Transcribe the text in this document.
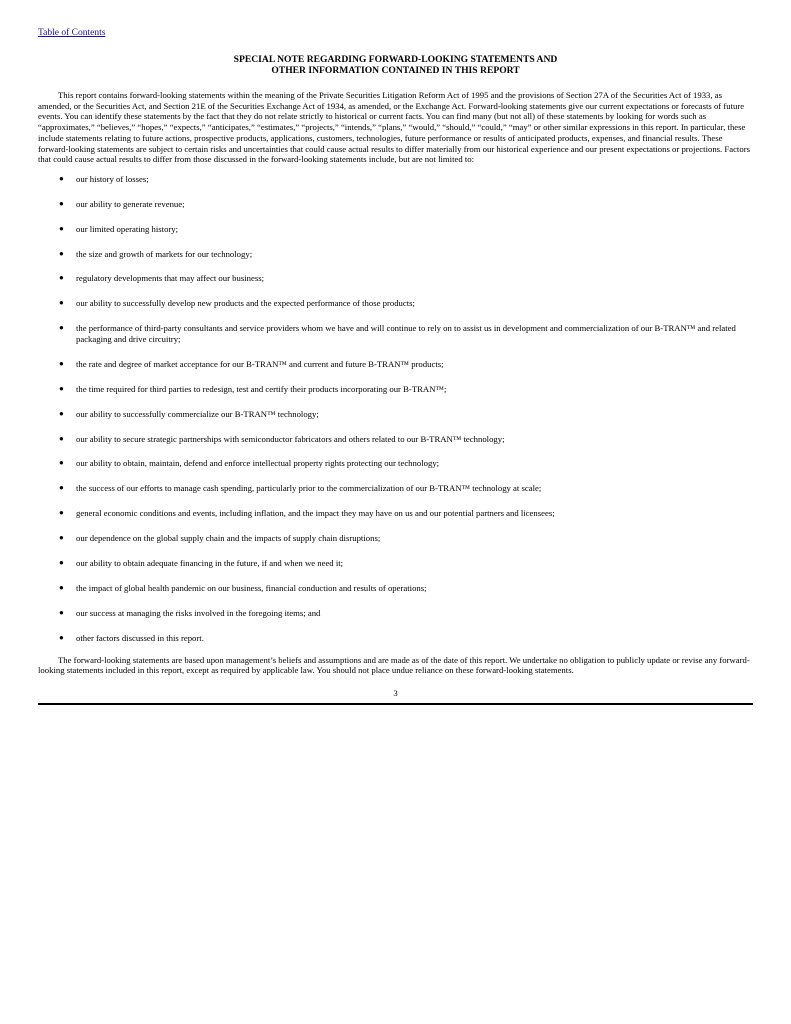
Table of Contents
SPECIAL NOTE REGARDING FORWARD-LOOKING STATEMENTS AND
OTHER INFORMATION CONTAINED IN THIS REPORT

This report contains forward-looking statements within the meaning of the Private Securities Litigation Reform Act of 1995 and the provisions of Section 27A of the Securities Act of 1933, as amended, or the Securities Act, and Section 21E of the Securities Exchange Act of 1934, as amended, or the Exchange Act. Forward-looking statements give our current expectations or forecasts of future events. You can identify these statements by the fact that they do not relate strictly to historical or current facts. You can find many (but not all) of these statements by looking for words such as “approximates,” “believes,” “hopes,” “expects,” “anticipates,” “estimates,” “projects,” “intends,” “plans,” “would,” “should,” “could,” “may” or other similar expressions in this report. In particular, these include statements relating to future actions, prospective products, applications, customers, technologies, future performance or results of anticipated products, expenses, and financial results. These forward-looking statements are subject to certain risks and uncertainties that could cause actual results to differ materially from our historical experience and our present expectations or projections. Factors that could cause actual results to differ from those discussed in the forward-looking statements include, but are not limited to:

● our history of losses;
● our ability to generate revenue;
● our limited operating history;
● the size and growth of markets for our technology;
● regulatory developments that may affect our business;
● our ability to successfully develop new products and the expected performance of those products;
● the performance of third-party consultants and service providers whom we have and will continue to rely on to assist us in development and commercialization of our B-TRAN™ and related packaging and drive circuitry;
● the rate and degree of market acceptance for our B-TRAN™ and current and future B-TRAN™ products;
● the time required for third parties to redesign, test and certify their products incorporating our B-TRAN™;
● our ability to successfully commercialize our B-TRAN™ technology;
● our ability to secure strategic partnerships with semiconductor fabricators and others related to our B-TRAN™ technology;
● our ability to obtain, maintain, defend and enforce intellectual property rights protecting our technology;
● the success of our efforts to manage cash spending, particularly prior to the commercialization of our B-TRAN™ technology at scale;
● general economic conditions and events, including inflation, and the impact they may have on us and our potential partners and licensees;
● our dependence on the global supply chain and the impacts of supply chain disruptions;
● our ability to obtain adequate financing in the future, if and when we need it;
● the impact of global health pandemic on our business, financial conduction and results of operations;
● our success at managing the risks involved in the foregoing items; and
● other factors discussed in this report.

The forward-looking statements are based upon management’s beliefs and assumptions and are made as of the date of this report. We undertake no obligation to publicly update or revise any forward-looking statements included in this report, except as required by applicable law. You should not place undue reliance on these forward-looking statements.

3
